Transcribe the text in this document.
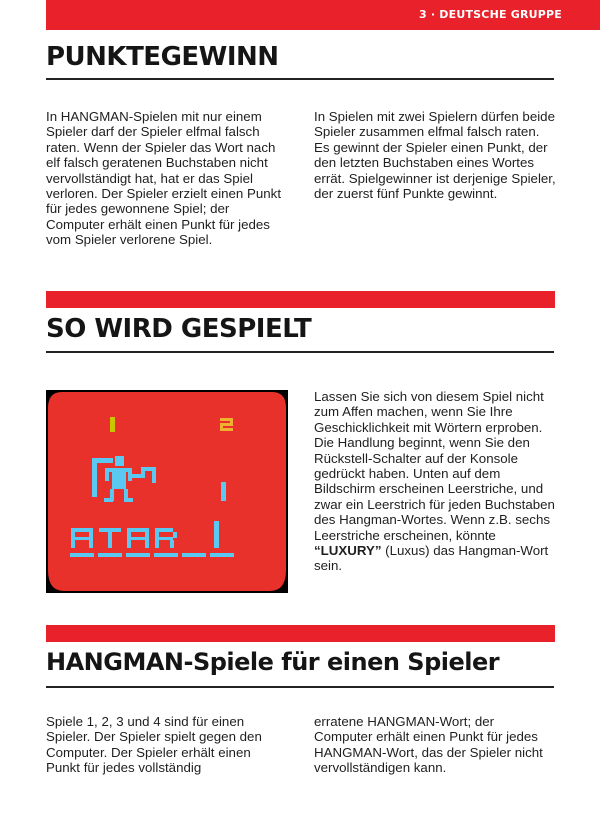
3 · DEUTSCHE GRUPPE
PUNKTEGEWINN

In HANGMAN-Spielen mit nur einem Spieler darf der Spieler elfmal falsch raten. Wenn der Spieler das Wort nach elf falsch geratenen Buchstaben nicht vervollständigt hat, hat er das Spiel verloren. Der Spieler erzielt einen Punkt für jedes gewonnene Spiel; der Computer erhält einen Punkt für jedes vom Spieler verlorene Spiel.

In Spielen mit zwei Spielern dürfen beide Spieler zusammen elfmal falsch raten. Es gewinnt der Spieler einen Punkt, der den letzten Buchstaben eines Wortes errät. Spielgewinner ist derjenige Spieler, der zuerst fünf Punkte gewinnt.

SO WIRD GESPIELT

Lassen Sie sich von diesem Spiel nicht zum Affen machen, wenn Sie Ihre Geschicklichkeit mit Wörtern erproben. Die Handlung beginnt, wenn Sie den Rückstell-Schalter auf der Konsole gedrückt haben. Unten auf dem Bildschirm erscheinen Leerstriche, und zwar ein Leerstrich für jeden Buchstaben des Hangman-Wortes. Wenn z.B. sechs Leerstriche erscheinen, könnte “LUXURY” (Luxus) das Hangman-Wort sein.

HANGMAN-Spiele für einen Spieler

Spiele 1, 2, 3 und 4 sind für einen Spieler. Der Spieler spielt gegen den Computer. Der Spieler erhält einen Punkt für jedes vollständig

erratene HANGMAN-Wort; der Computer erhält einen Punkt für jedes HANGMAN-Wort, das der Spieler nicht vervollständigen kann.
